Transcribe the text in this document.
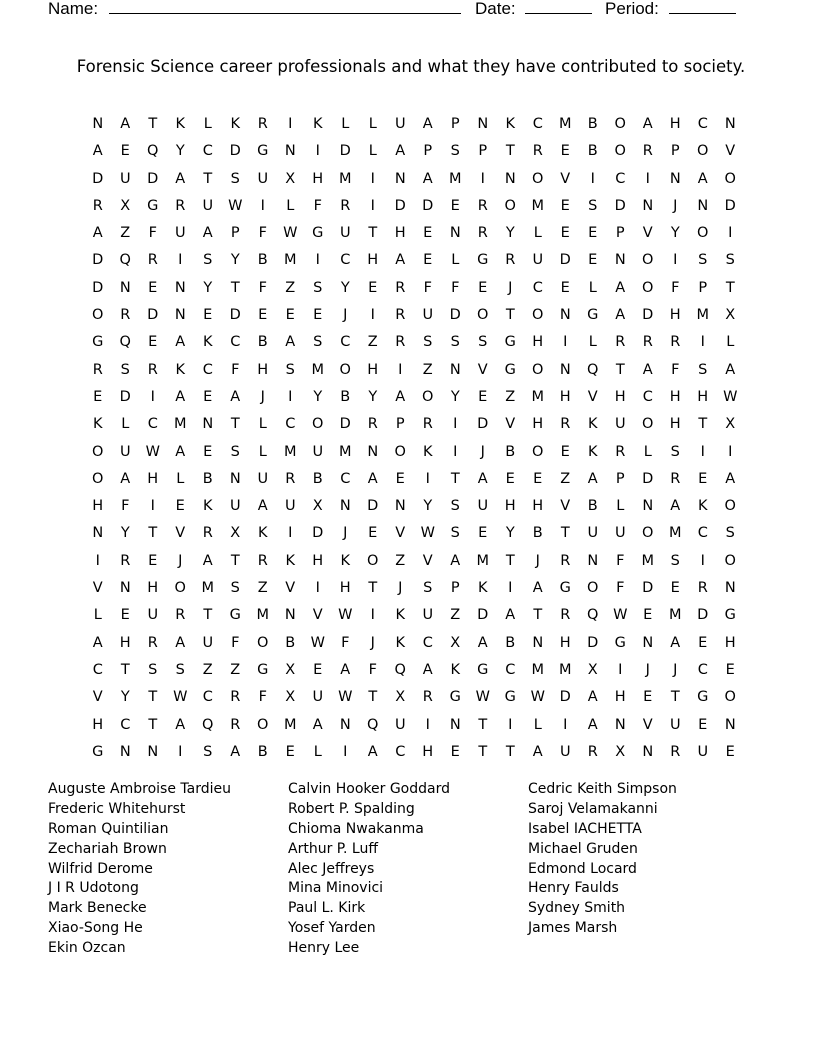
Name:	Date:	Period:
Forensic Science career professionals and what they have contributed to society.
N	A	T	K	L	K	R	I	K	L	L	U	A	P	N	K	C	M	B	O	A	H	C	N
A	E	Q	Y	C	D	G	N	I	D	L	A	P	S	P	T	R	E	B	O	R	P	O	V
D	U	D	A	T	S	U	X	H	M	I	N	A	M	I	N	O	V	I	C	I	N	A	O
R	X	G	R	U	W	I	L	F	R	I	D	D	E	R	O	M	E	S	D	N	J	N	D
A	Z	F	U	A	P	F	W	G	U	T	H	E	N	R	Y	L	E	E	P	V	Y	O	I
D	Q	R	I	S	Y	B	M	I	C	H	A	E	L	G	R	U	D	E	N	O	I	S	S
D	N	E	N	Y	T	F	Z	S	Y	E	R	F	F	E	J	C	E	L	A	O	F	P	T
O	R	D	N	E	D	E	E	E	J	I	R	U	D	O	T	O	N	G	A	D	H	M	X
G	Q	E	A	K	C	B	A	S	C	Z	R	S	S	S	G	H	I	L	R	R	R	I	L
R	S	R	K	C	F	H	S	M	O	H	I	Z	N	V	G	O	N	Q	T	A	F	S	A
E	D	I	A	E	A	J	I	Y	B	Y	A	O	Y	E	Z	M	H	V	H	C	H	H	W
K	L	C	M	N	T	L	C	O	D	R	P	R	I	D	V	H	R	K	U	O	H	T	X
O	U	W	A	E	S	L	M	U	M	N	O	K	I	J	B	O	E	K	R	L	S	I	I
O	A	H	L	B	N	U	R	B	C	A	E	I	T	A	E	E	Z	A	P	D	R	E	A
H	F	I	E	K	U	A	U	X	N	D	N	Y	S	U	H	H	V	B	L	N	A	K	O
N	Y	T	V	R	X	K	I	D	J	E	V	W	S	E	Y	B	T	U	U	O	M	C	S
I	R	E	J	A	T	R	K	H	K	O	Z	V	A	M	T	J	R	N	F	M	S	I	O
V	N	H	O	M	S	Z	V	I	H	T	J	S	P	K	I	A	G	O	F	D	E	R	N
L	E	U	R	T	G	M	N	V	W	I	K	U	Z	D	A	T	R	Q	W	E	M	D	G
A	H	R	A	U	F	O	B	W	F	J	K	C	X	A	B	N	H	D	G	N	A	E	H
C	T	S	S	Z	Z	G	X	E	A	F	Q	A	K	G	C	M	M	X	I	J	J	C	E
V	Y	T	W	C	R	F	X	U	W	T	X	R	G	W	G	W	D	A	H	E	T	G	O
H	C	T	A	Q	R	O	M	A	N	Q	U	I	N	T	I	L	I	A	N	V	U	E	N
G	N	N	I	S	A	B	E	L	I	A	C	H	E	T	T	A	U	R	X	N	R	U	E
Auguste Ambroise Tardieu
Frederic Whitehurst
Roman Quintilian
Zechariah Brown
Wilfrid Derome
J I R Udotong
Mark Benecke
Xiao-Song He
Ekin Ozcan
Calvin Hooker Goddard
Robert P. Spalding
Chioma Nwakanma
Arthur P. Luff
Alec Jeffreys
Mina Minovici
Paul L. Kirk
Yosef Yarden
Henry Lee
Cedric Keith Simpson
Saroj Velamakanni
Isabel IACHETTA
Michael Gruden
Edmond Locard
Henry Faulds
Sydney Smith
James Marsh
